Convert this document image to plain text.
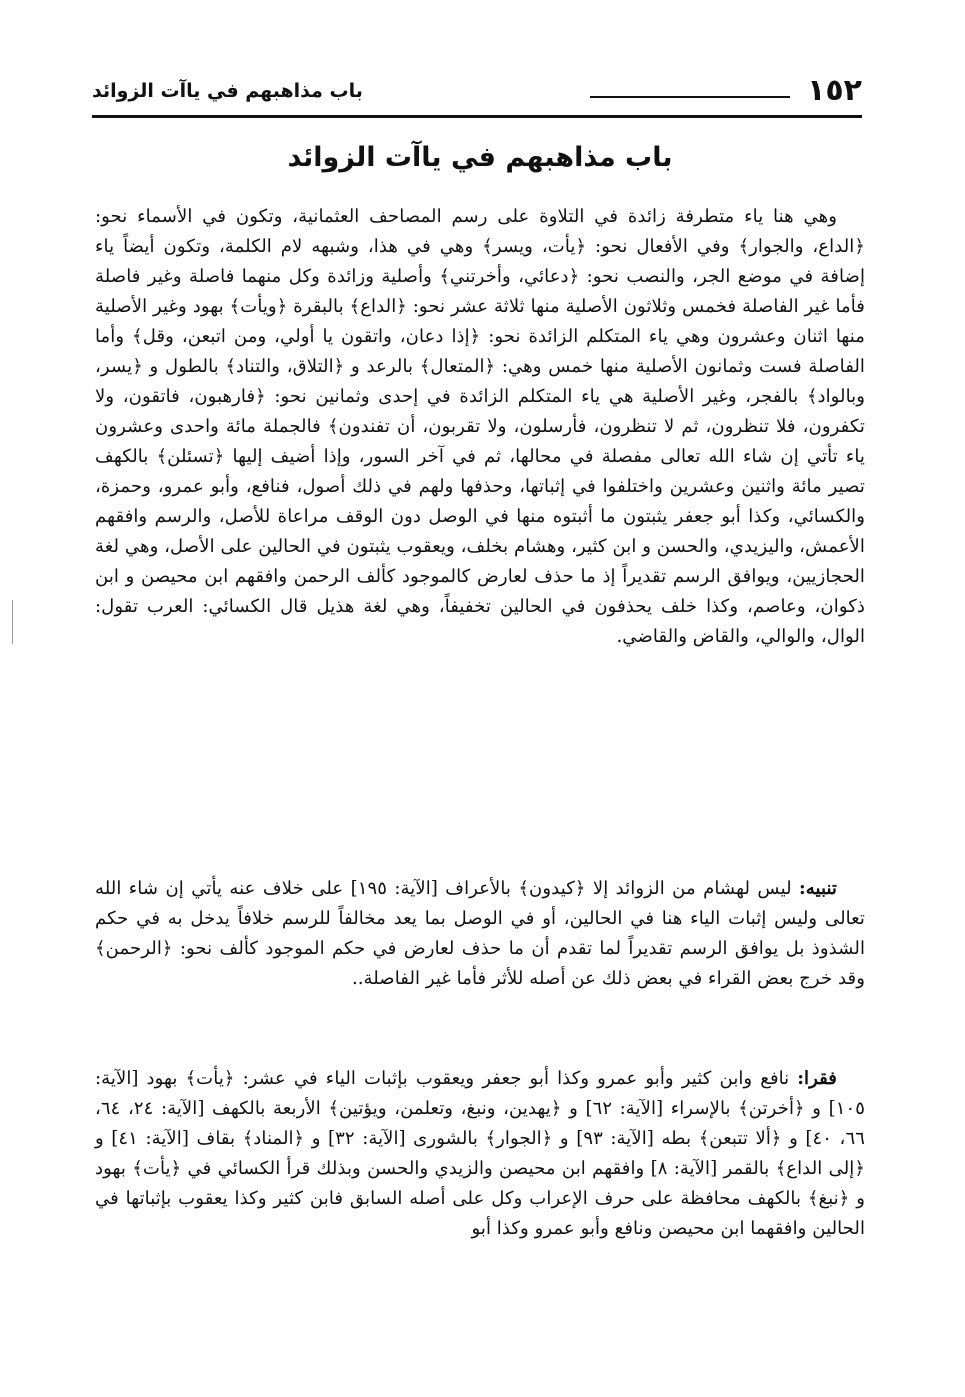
١٥٢
باب مذاهبهم في ياآت الزوائد
باب مذاهبهم في ياآت الزوائد

وهي هنا ياء متطرفة زائدة في التلاوة على رسم المصاحف العثمانية، وتكون في الأسماء نحو: ﴿الداع، والجوار﴾ وفي الأفعال نحو: ﴿يأت، ويسر﴾ وهي في هذا، وشبهه لام الكلمة، وتكون أيضاً ياء إضافة في موضع الجر، والنصب نحو: ﴿دعائي، وأخرتني﴾ وأصلية وزائدة وكل منهما فاصلة وغير فاصلة فأما غير الفاصلة فخمس وثلاثون الأصلية منها ثلاثة عشر نحو: ﴿الداع﴾ بالبقرة ﴿ويأت﴾ بهود وغير الأصلية منها اثنان وعشرون وهي ياء المتكلم الزائدة نحو: ﴿إذا دعان، واتقون يا أولي، ومن اتبعن، وقل﴾ وأما الفاصلة فست وثمانون الأصلية منها خمس وهي: ﴿المتعال﴾ بالرعد و ﴿التلاق، والتناد﴾ بالطول و ﴿يسر، وبالواد﴾ بالفجر، وغير الأصلية هي ياء المتكلم الزائدة في إحدى وثمانين نحو: ﴿فارهبون، فاتقون، ولا تكفرون، فلا تنظرون، ثم لا تنظرون، فأرسلون، ولا تقربون، أن تفندون﴾ فالجملة مائة واحدى وعشرون ياء تأتي إن شاء الله تعالى مفصلة في محالها، ثم في آخر السور، وإذا أضيف إليها ﴿تسئلن﴾ بالكهف تصير مائة واثنين وعشرين واختلفوا في إثباتها، وحذفها ولهم في ذلك أصول، فنافع، وأبو عمرو، وحمزة، والكسائي، وكذا أبو جعفر يثبتون ما أثبتوه منها في الوصل دون الوقف مراعاة للأصل، والرسم وافقهم الأعمش، واليزيدي، والحسن و ابن كثير، وهشام بخلف، ويعقوب يثبتون في الحالين على الأصل، وهي لغة الحجازيين، ويوافق الرسم تقديراً إذ ما حذف لعارض كالموجود كألف الرحمن وافقهم ابن محيصن و ابن ذكوان، وعاصم، وكذا خلف يحذفون في الحالين تخفيفاً، وهي لغة هذيل قال الكسائي: العرب تقول: الوال، والوالي، والقاض والقاضي.

تنبيه: ليس لهشام من الزوائد إلا ﴿كيدون﴾ بالأعراف [الآية: ١٩٥] على خلاف عنه يأتي إن شاء الله تعالى وليس إثبات الياء هنا في الحالين، أو في الوصل بما يعد مخالفاً للرسم خلافاً يدخل به في حكم الشذوذ بل يوافق الرسم تقديراً لما تقدم أن ما حذف لعارض في حكم الموجود كألف نحو: ﴿الرحمن﴾ وقد خرج بعض القراء في بعض ذلك عن أصله للأثر فأما غير الفاصلة..

فقرا: نافع وابن كثير وأبو عمرو وكذا أبو جعفر ويعقوب بإثبات الياء في عشر: ﴿يأت﴾ بهود [الآية: ١٠٥] و ﴿أخرتن﴾ بالإسراء [الآية: ٦٢] و ﴿يهدين، ونبغ، وتعلمن، ويؤتين﴾ الأربعة بالكهف [الآية: ٢٤، ٦٤، ٦٦، ٤٠] و ﴿ألا تتبعن﴾ بطه [الآية: ٩٣] و ﴿الجوار﴾ بالشورى [الآية: ٣٢] و ﴿المناد﴾ بقاف [الآية: ٤١] و ﴿إلى الداع﴾ بالقمر [الآية: ٨] وافقهم ابن محيصن والزيدي والحسن وبذلك قرأ الكسائي في ﴿يأت﴾ بهود و ﴿نبغ﴾ بالكهف محافظة على حرف الإعراب وكل على أصله السابق فابن كثير وكذا يعقوب بإثباتها في الحالين وافقهما ابن محيصن ونافع وأبو عمرو وكذا أبو
